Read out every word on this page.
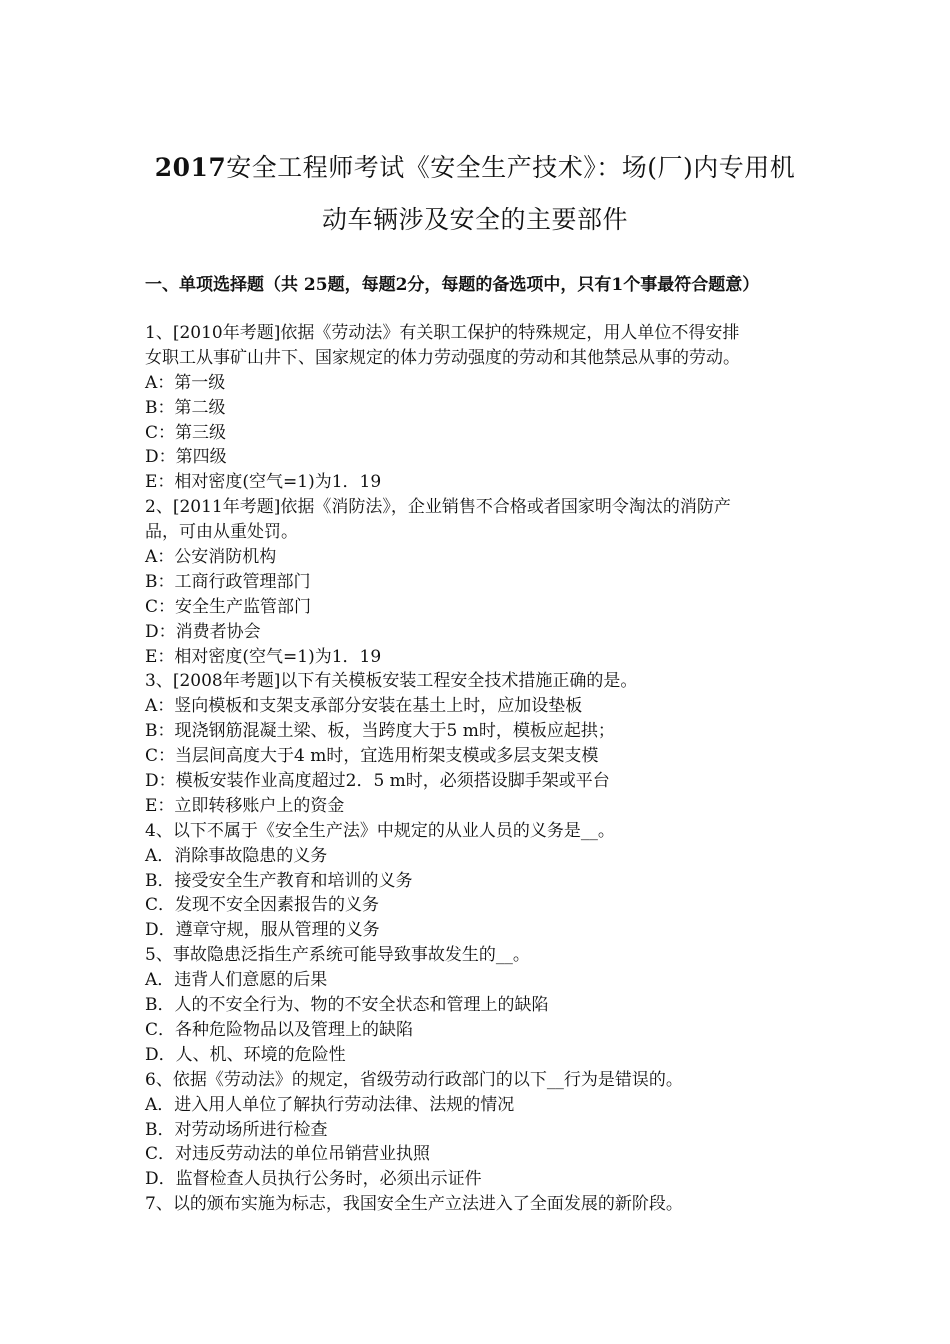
2017安全工程师考试《安全生产技术》：场(厂)内专用机
动车辆涉及安全的主要部件
一、单项选择题（共 25题，每题2分，每题的备选项中，只有1个事最符合题意）
1、[2010年考题]依据《劳动法》有关职工保护的特殊规定，用人单位不得安排
女职工从事矿山井下、国家规定的体力劳动强度的劳动和其他禁忌从事的劳动。
A：第一级
B：第二级
C：第三级
D：第四级
E：相对密度(空气=1)为1．19
2、[2011年考题]依据《消防法》，企业销售不合格或者国家明令淘汰的消防产
品，可由从重处罚。
A：公安消防机构
B：工商行政管理部门
C：安全生产监管部门
D：消费者协会
E：相对密度(空气=1)为1．19
3、[2008年考题]以下有关模板安装工程安全技术措施正确的是。
A：竖向模板和支架支承部分安装在基土上时，应加设垫板
B：现浇钢筋混凝土梁、板，当跨度大于5 m时，模板应起拱；
C：当层间高度大于4 m时，宜选用桁架支模或多层支架支模
D：模板安装作业高度超过2．5 m时，必须搭设脚手架或平台
E：立即转移账户上的资金
4、以下不属于《安全生产法》中规定的从业人员的义务是__。
A．消除事故隐患的义务
B．接受安全生产教育和培训的义务
C．发现不安全因素报告的义务
D．遵章守规，服从管理的义务
5、事故隐患泛指生产系统可能导致事故发生的__。
A．违背人们意愿的后果
B．人的不安全行为、物的不安全状态和管理上的缺陷
C．各种危险物品以及管理上的缺陷
D．人、机、环境的危险性
6、依据《劳动法》的规定，省级劳动行政部门的以下__行为是错误的。
A．进入用人单位了解执行劳动法律、法规的情况
B．对劳动场所进行检查
C．对违反劳动法的单位吊销营业执照
D．监督检查人员执行公务时，必须出示证件
7、以的颁布实施为标志，我国安全生产立法进入了全面发展的新阶段。
